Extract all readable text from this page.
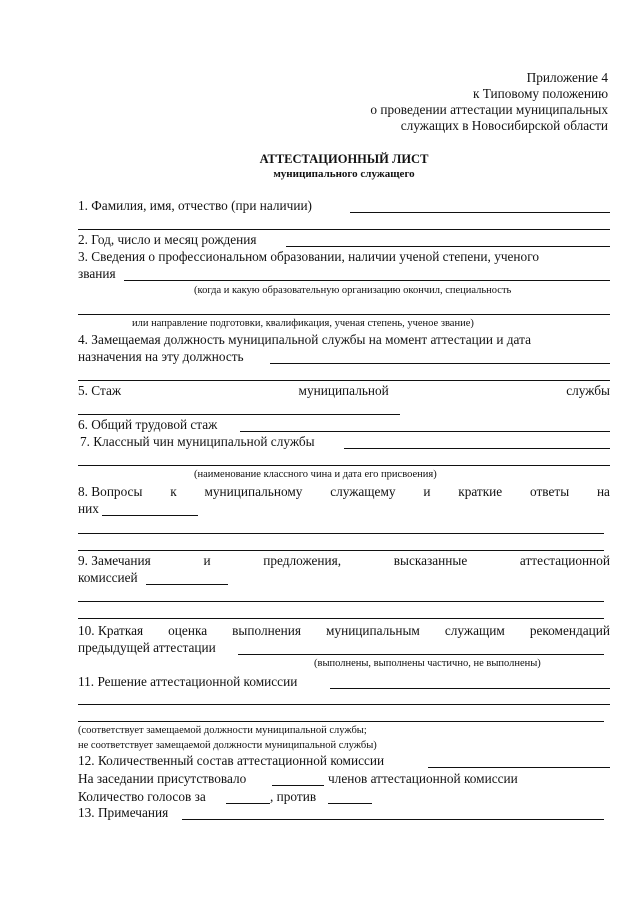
Приложение 4
к Типовому положению
о проведении аттестации муниципальных
служащих в Новосибирской области
АТТЕСТАЦИОННЫЙ ЛИСТ
муниципального служащего
1. Фамилия, имя, отчество (при наличии)
2. Год, число и месяц рождения
3. Сведения о профессиональном образовании, наличии ученой степени, ученого
звания
(когда и какую образовательную организацию окончил, специальность
или направление подготовки, квалификация, ученая степень, ученое звание)
4. Замещаемая должность муниципальной службы на момент аттестации и дата
назначения на эту должность
5. Стаж	муниципальной	службы
6. Общий трудовой стаж
7. Классный чин муниципальной службы
(наименование классного чина и дата его присвоения)
8. Вопросы к муниципальному служащему и краткие ответы на
них
9. Замечания	и	предложения,	высказанные	аттестационной
комиссией
10. Краткая оценка выполнения муниципальным служащим рекомендаций
предыдущей аттестации
(выполнены, выполнены частично, не выполнены)
11. Решение аттестационной комиссии
(соответствует замещаемой должности муниципальной службы;
не соответствует замещаемой должности муниципальной службы)
12. Количественный состав аттестационной комиссии
На заседании присутствовало	членов аттестационной комиссии
Количество голосов за	, против
13. Примечания
